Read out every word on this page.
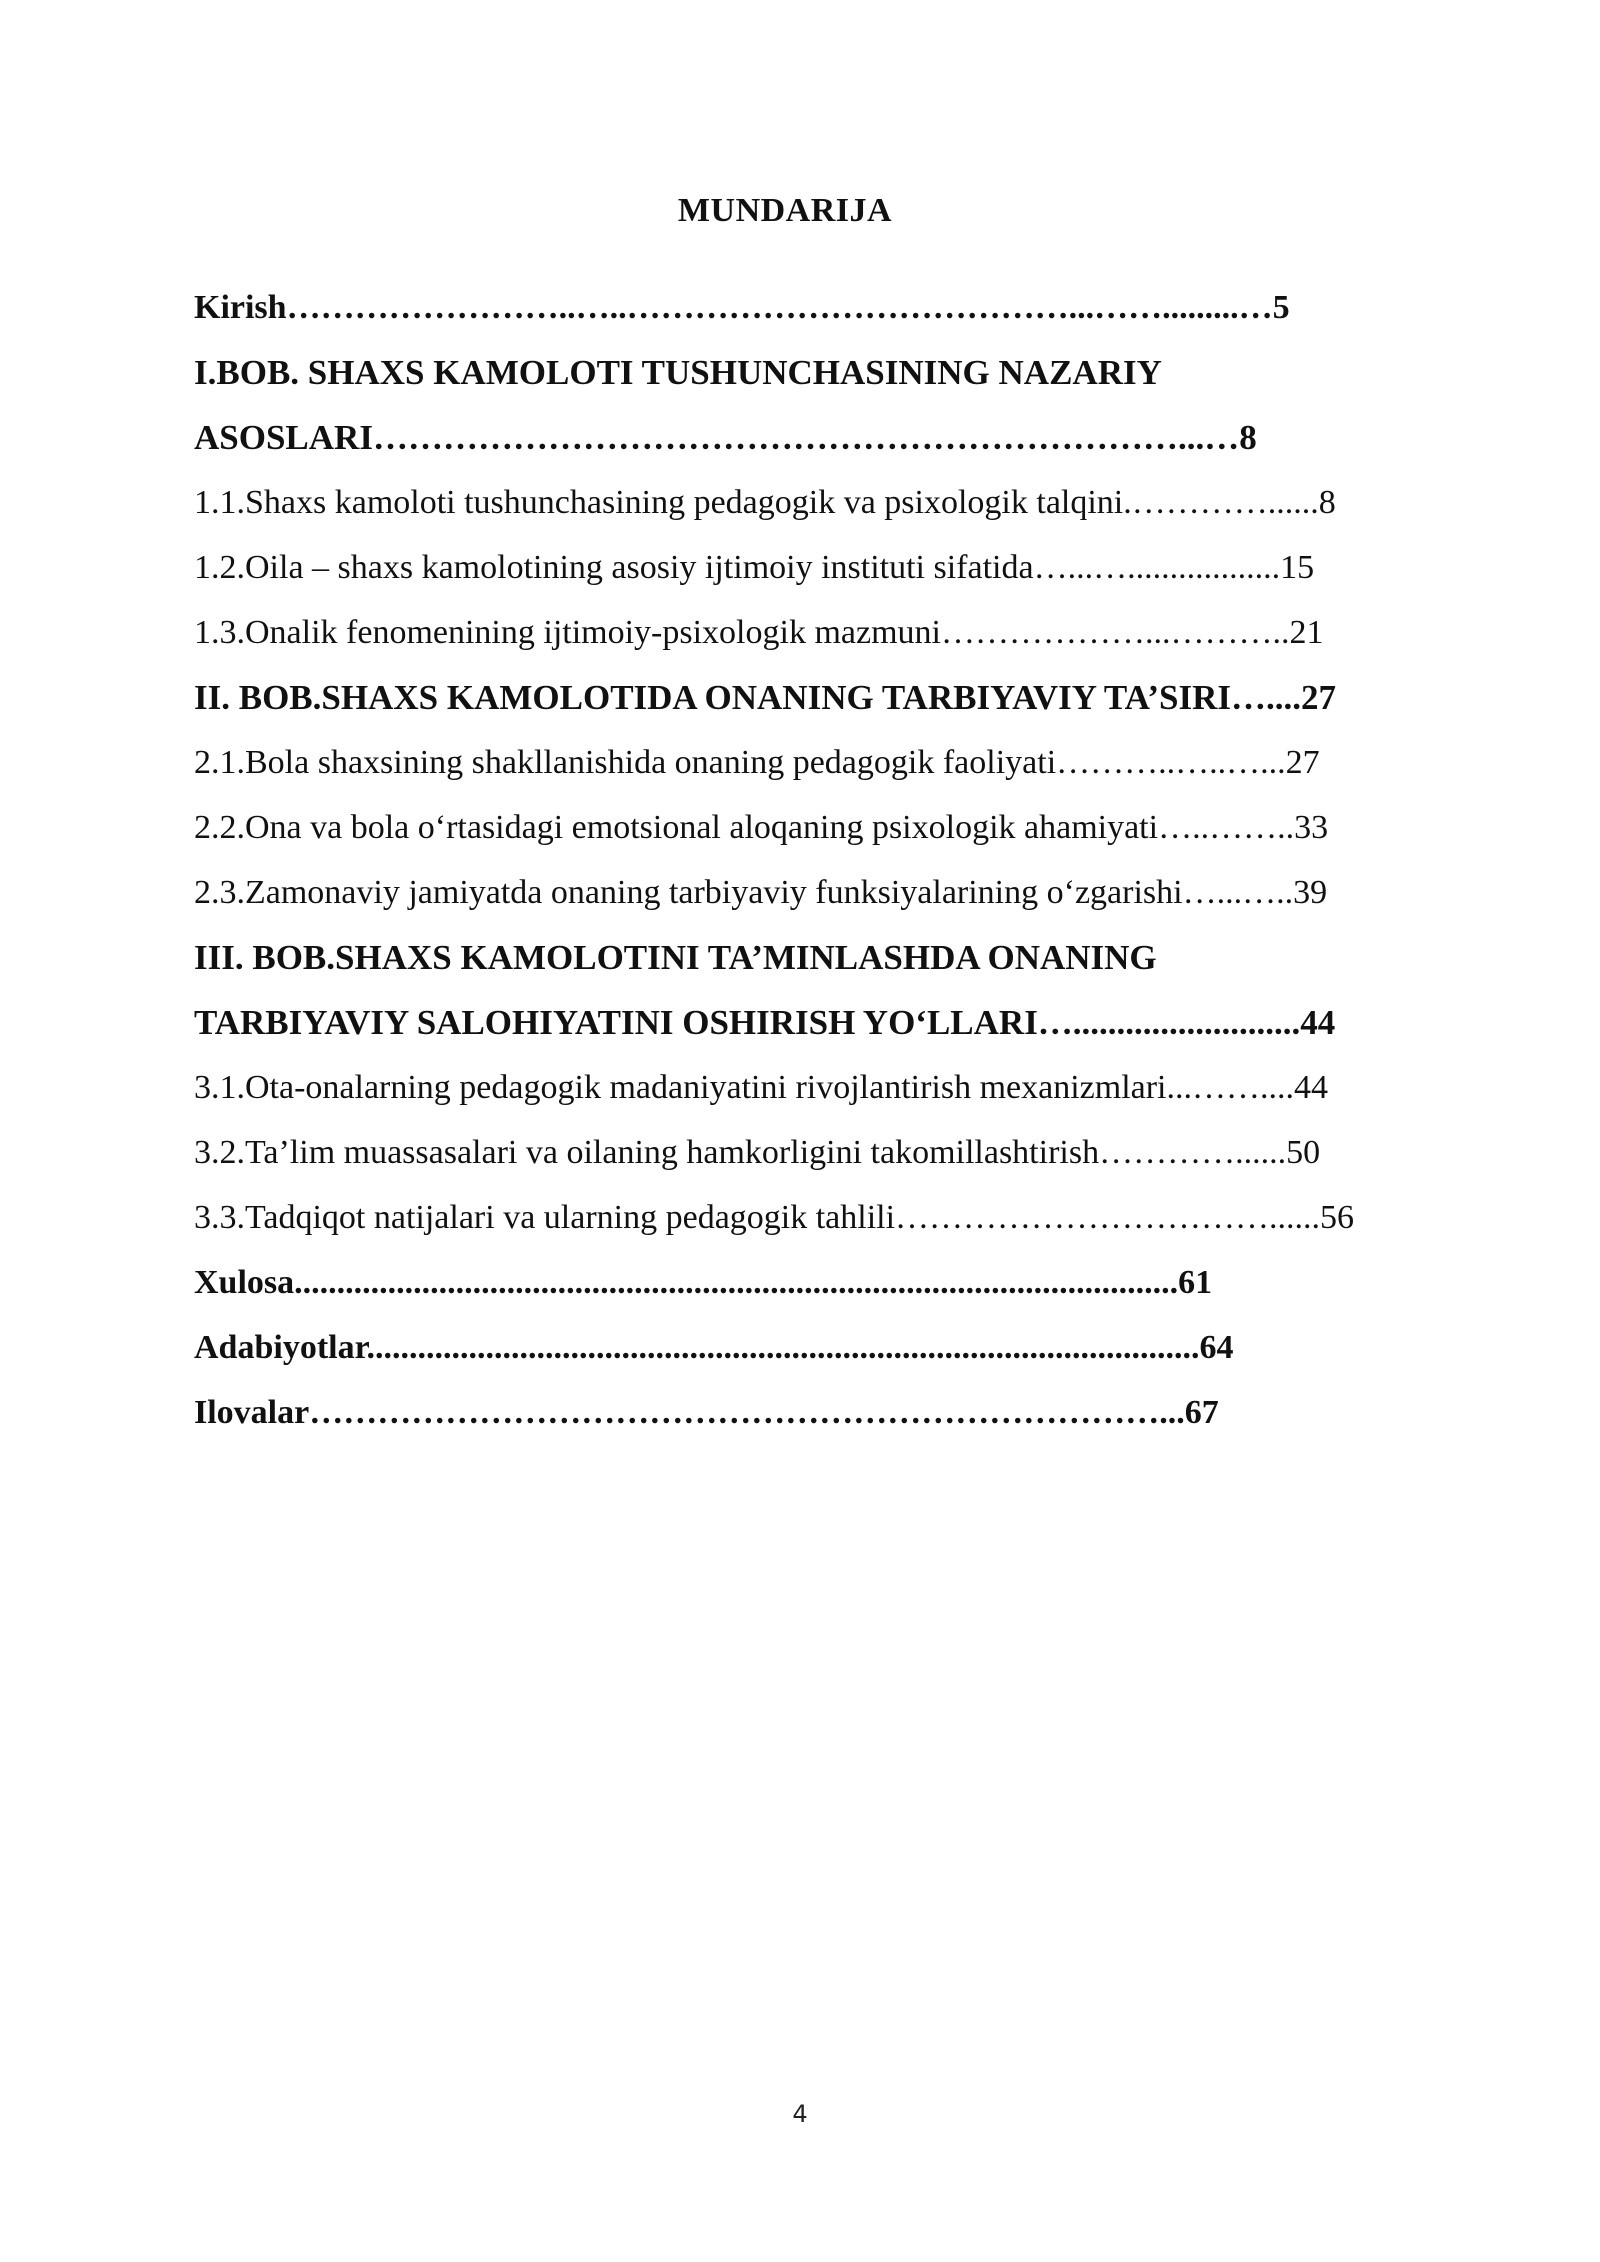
MUNDARIJA
Kirish……………………..…..…………………………………...…….........…5
I.BOB. SHAXS KAMOLOTI TUSHUNCHASINING NAZARIY
ASOSLARI……………………………………………………………...…8
1.1.Shaxs kamoloti tushunchasining pedagogik va psixologik talqini.…………......8
1.2.Oila – shaxs kamolotining asosiy ijtimoiy instituti sifatida…...…..................15
1.3.Onalik fenomenining ijtimoiy-psixologik mazmuni………………...………..21
II. BOB.SHAXS KAMOLOTIDA ONANING TARBIYAVIY TA’SIRI…....27
2.1.Bola shaxsining shakllanishida onaning pedagogik faoliyati………..…..…...27
2.2.Ona va bola o‘rtasidagi emotsional aloqaning psixologik ahamiyati…..……..33
2.3.Zamonaviy jamiyatda onaning tarbiyaviy funksiyalarining o‘zgarishi…...…..39
III. BOB.SHAXS KAMOLOTINI TA’MINLASHDA ONANING
TARBIYAVIY SALOHIYATINI OSHIRISH YO‘LLARI…..........................44
3.1.Ota-onalarning pedagogik madaniyatini rivojlantirish mexanizmlari...……....44
3.2.Ta’lim muassasalari va oilaning hamkorligini takomillashtirish…………......50
3.3.Tadqiqot natijalari va ularning pedagogik tahlili……………………………......56
Xulosa........................................................................................................61
Adabiyotlar..................................................................................................64
Ilovalar…………………………………………………………………...67
4
